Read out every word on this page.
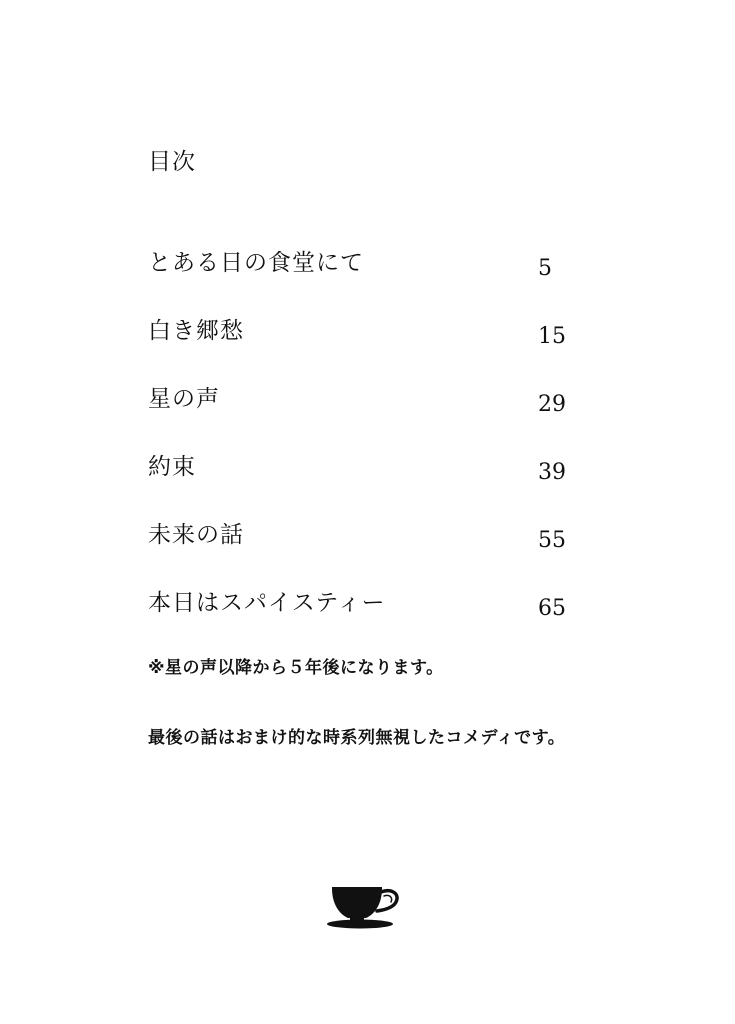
目次
とある日の食堂にて	5
白き郷愁	15
星の声	29
約束	39
未来の話	55
本日はスパイスティー	65
※星の声以降から５年後になります。
最後の話はおまけ的な時系列無視したコメディです。
